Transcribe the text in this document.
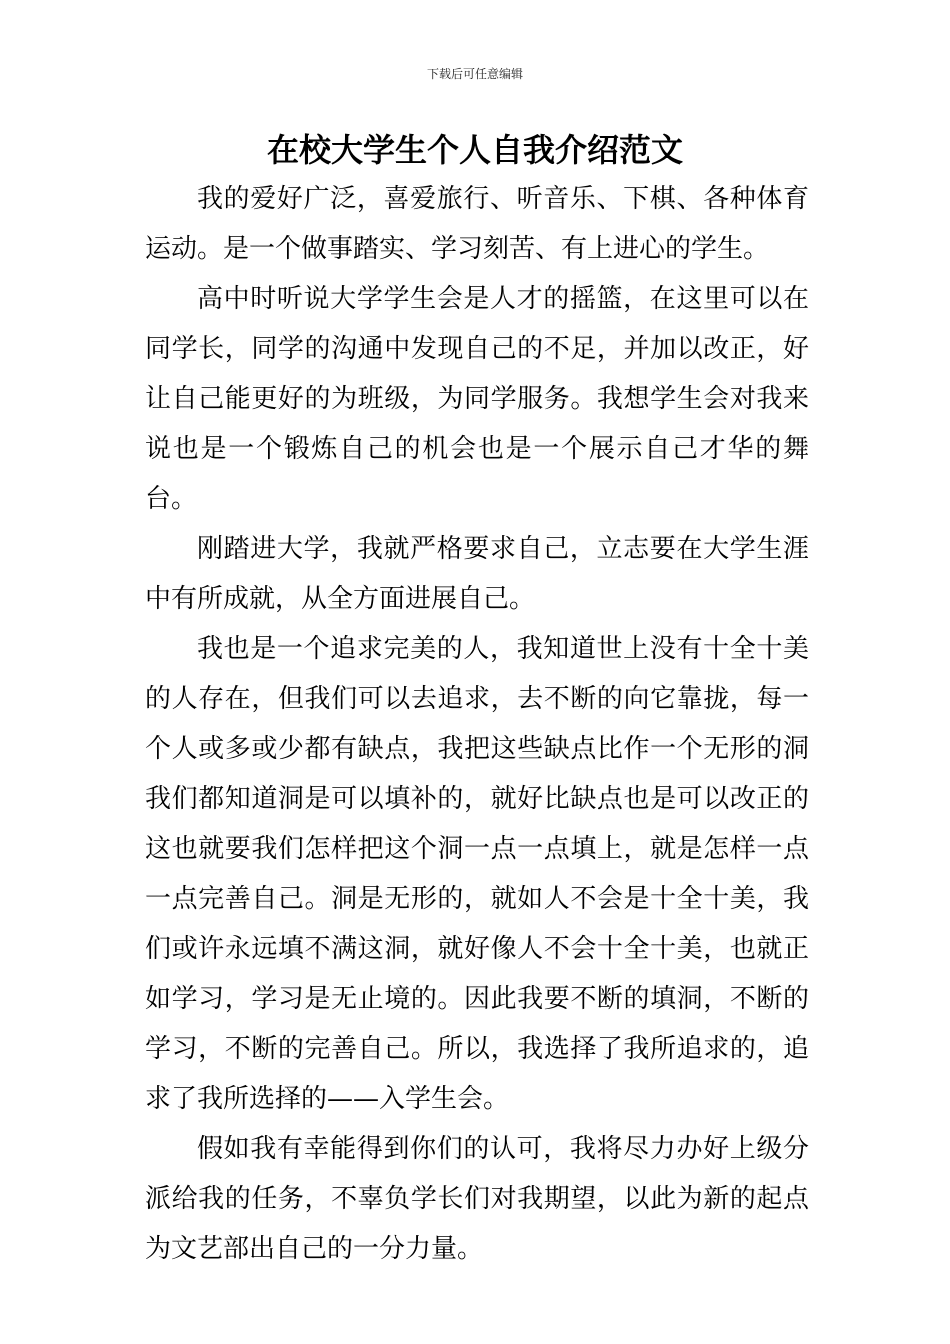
下载后可任意编辑
在校大学生个人自我介绍范文

我的爱好广泛，喜爱旅行、听音乐、下棋、各种体育运动。是一个做事踏实、学习刻苦、有上进心的学生。

高中时听说大学学生会是人才的摇篮，在这里可以在同学长，同学的沟通中发现自己的不足，并加以改正，好让自己能更好的为班级，为同学服务。我想学生会对我来说也是一个锻炼自己的机会也是一个展示自己才华的舞台。

刚踏进大学，我就严格要求自己，立志要在大学生涯中有所成就，从全方面进展自己。

我也是一个追求完美的人，我知道世上没有十全十美的人存在，但我们可以去追求，去不断的向它靠拢，每一个人或多或少都有缺点，我把这些缺点比作一个无形的洞我们都知道洞是可以填补的，就好比缺点也是可以改正的这也就要我们怎样把这个洞一点一点填上，就是怎样一点一点完善自己。洞是无形的，就如人不会是十全十美，我们或许永远填不满这洞，就好像人不会十全十美，也就正如学习，学习是无止境的。因此我要不断的填洞，不断的学习，不断的完善自己。所以，我选择了我所追求的，追求了我所选择的——入学生会。

假如我有幸能得到你们的认可，我将尽力办好上级分派给我的任务，不辜负学长们对我期望，以此为新的起点为文艺部出自己的一分力量。
